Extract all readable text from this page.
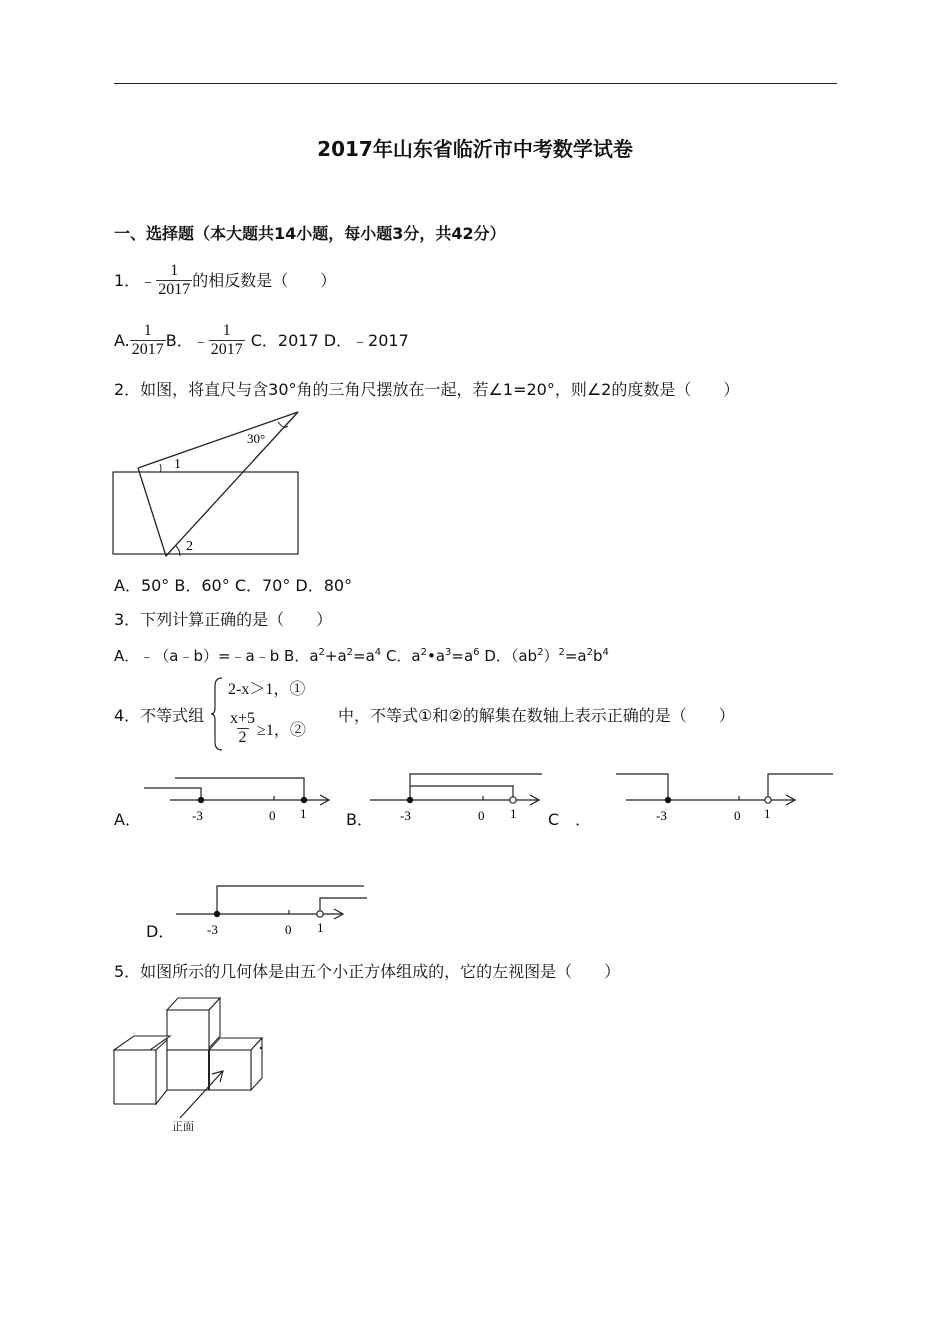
2017年山东省临沂市中考数学试卷
一、选择题（本大题共14小题，每小题3分，共42分）
1．﹣ $\frac{1}{2017}$ 的相反数是（　　）
A. $\frac{1}{2017}$ B．﹣ $\frac{1}{2017}$ C．2017 D．﹣2017
2．如图，将直尺与含30°角的三角尺摆放在一起，若∠1=20°，则∠2的度数是（　　）
30°
1
2
A．50° B．60° C．70° D．80°
3．下列计算正确的是（　　）
A．﹣（a﹣b）=﹣a﹣b B．$a^2+a^2=a^4$ C．$a^2•a^3=a^6$ D．$(ab^2)^2=a^2b^4$
4．不等式组
2-x＞1，①
$\frac{x+5}{2} \ge 1$，②
中，不等式①和②的解集在数轴上表示正确的是（　　）
A．	B．	C　．
D．
-3	0 1	-3	0 1	-3	0 1
-3	0 1
5．如图所示的几何体是由五个小正方体组成的，它的左视图是（　　）
正面
